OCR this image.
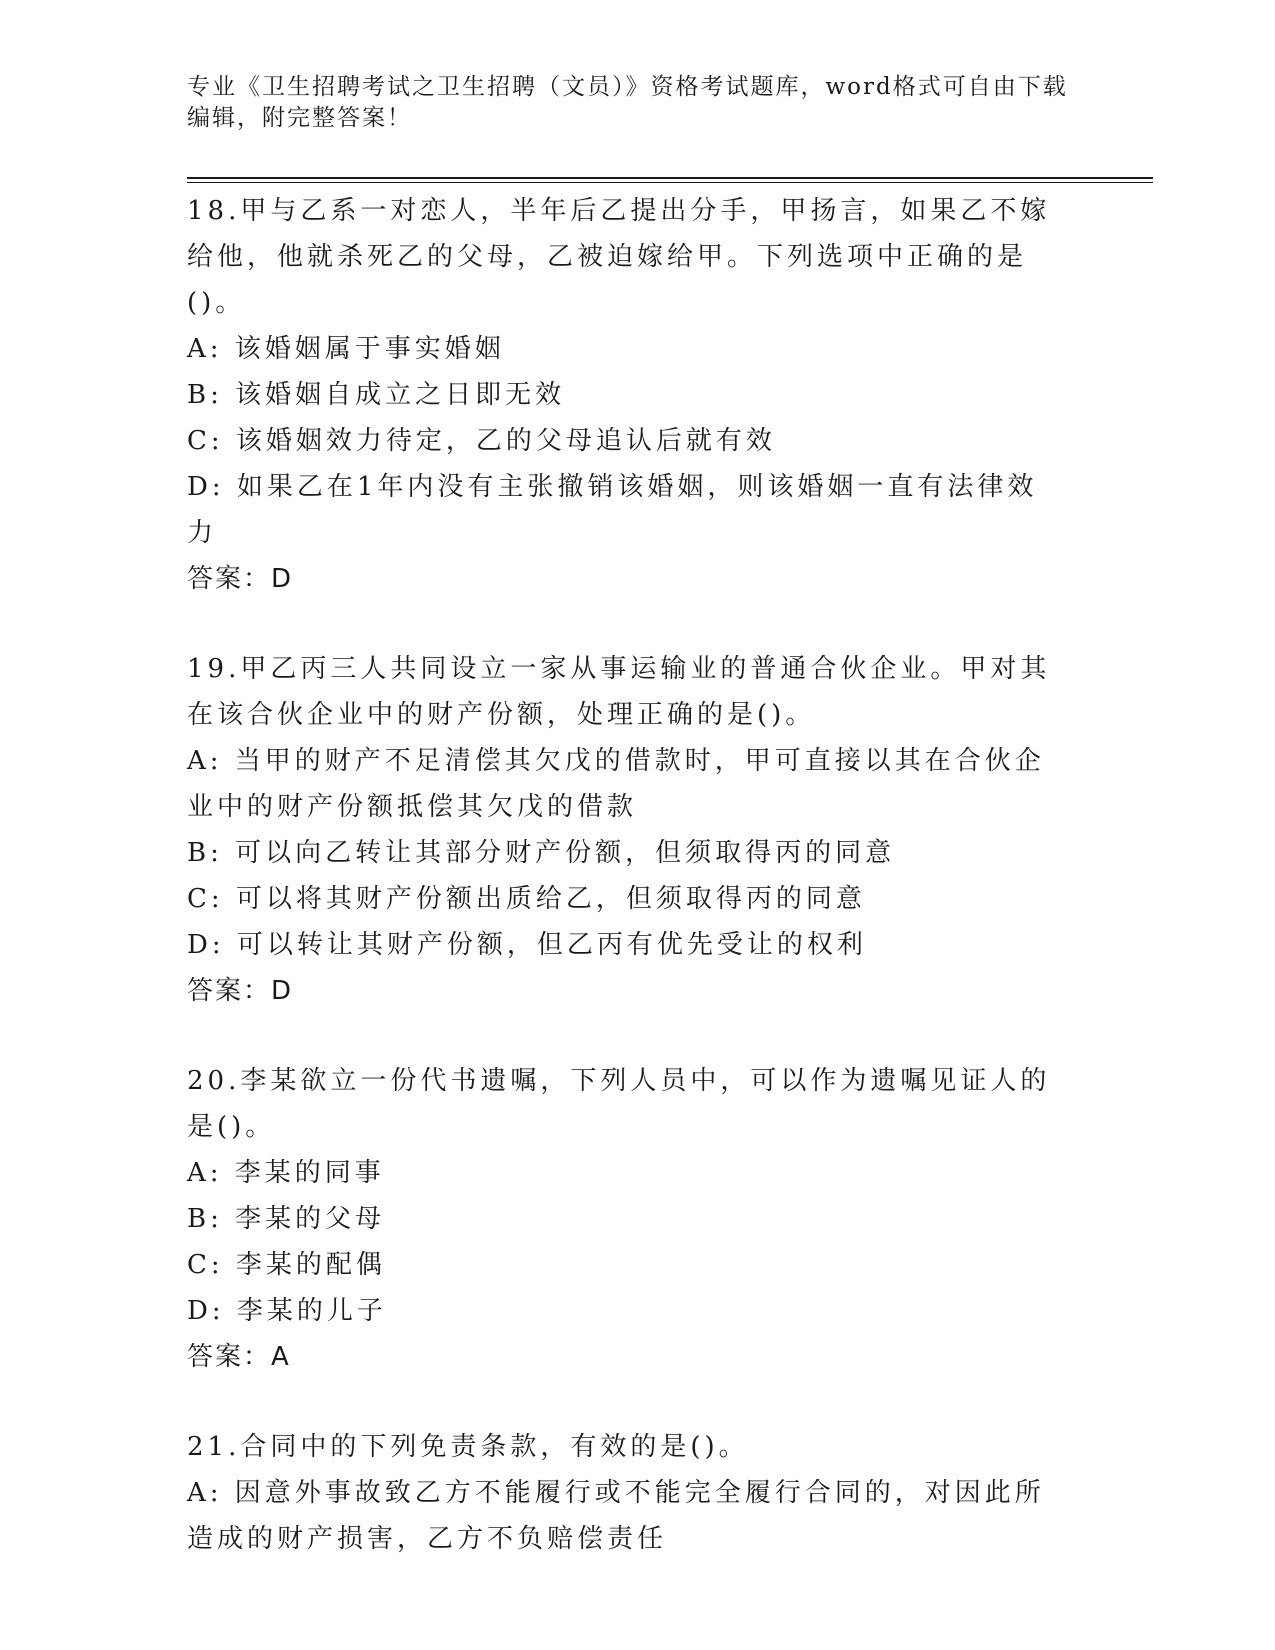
专业《卫生招聘考试之卫生招聘（文员）》资格考试题库，word格式可自由下载编辑，附完整答案！
18.甲与乙系一对恋人，半年后乙提出分手，甲扬言，如果乙不嫁给他，他就杀死乙的父母，乙被迫嫁给甲。下列选项中正确的是()。
A: 该婚姻属于事实婚姻
B: 该婚姻自成立之日即无效
C: 该婚姻效力待定，乙的父母追认后就有效
D: 如果乙在1年内没有主张撤销该婚姻，则该婚姻一直有法律效力
答案：D
19.甲乙丙三人共同设立一家从事运输业的普通合伙企业。甲对其在该合伙企业中的财产份额，处理正确的是()。
A: 当甲的财产不足清偿其欠戊的借款时，甲可直接以其在合伙企业中的财产份额抵偿其欠戊的借款
B: 可以向乙转让其部分财产份额，但须取得丙的同意
C: 可以将其财产份额出质给乙，但须取得丙的同意
D: 可以转让其财产份额，但乙丙有优先受让的权利
答案：D
20.李某欲立一份代书遗嘱，下列人员中，可以作为遗嘱见证人的是()。
A: 李某的同事
B: 李某的父母
C: 李某的配偶
D: 李某的儿子
答案：A
21.合同中的下列免责条款，有效的是()。
A: 因意外事故致乙方不能履行或不能完全履行合同的，对因此所造成的财产损害，乙方不负赔偿责任
